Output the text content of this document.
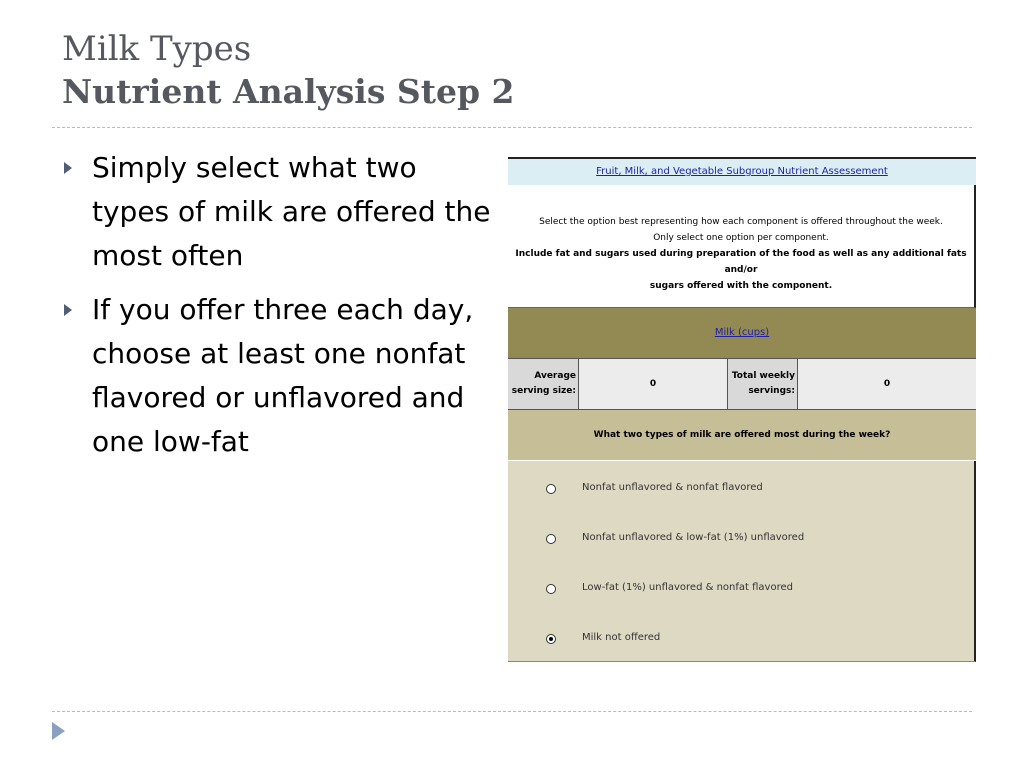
Milk Types
Nutrient Analysis Step 2
Simply select what two types of milk are offered the most often
If you offer three each day, choose at least one nonfat flavored or unflavored and one low-fat
Fruit, Milk, and Vegetable Subgroup Nutrient Assessement
Select the option best representing how each component is offered throughout the week.
Only select one option per component.
Include fat and sugars used during preparation of the food as well as any additional fats and/or
sugars offered with the component.
Milk (cups)
Average
serving size:
0
Total weekly
servings:
0
What two types of milk are offered most during the week?
Nonfat unflavored & nonfat flavored
Nonfat unflavored & low-fat (1%) unflavored
Low-fat (1%) unflavored & nonfat flavored
Milk not offered
